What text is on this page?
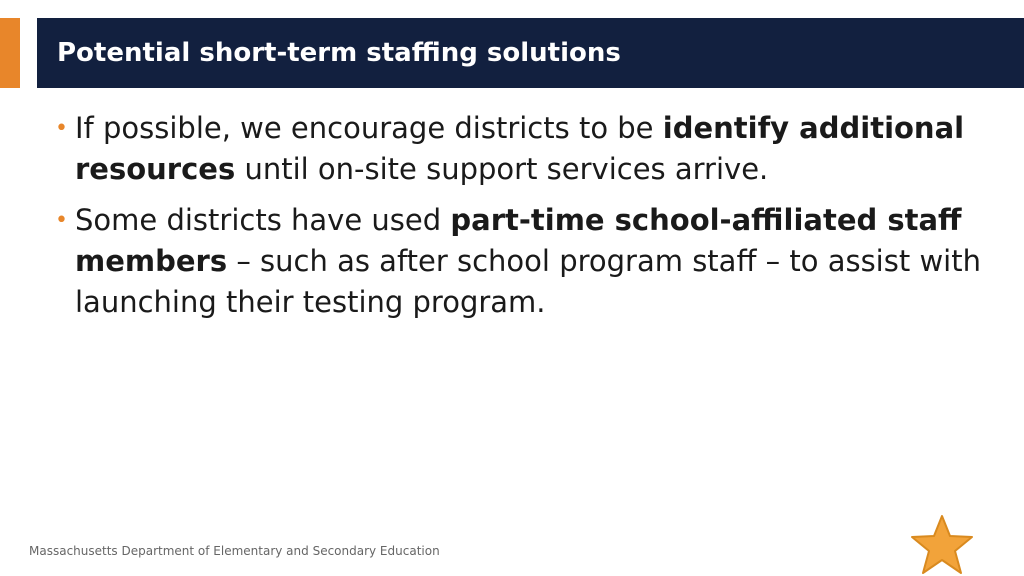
Potential short-term staffing solutions
• If possible, we encourage districts to be identify additional resources until on-site support services arrive.
• Some districts have used part-time school-affiliated staff members – such as after school program staff – to assist with launching their testing program.
Massachusetts Department of Elementary and Secondary Education
